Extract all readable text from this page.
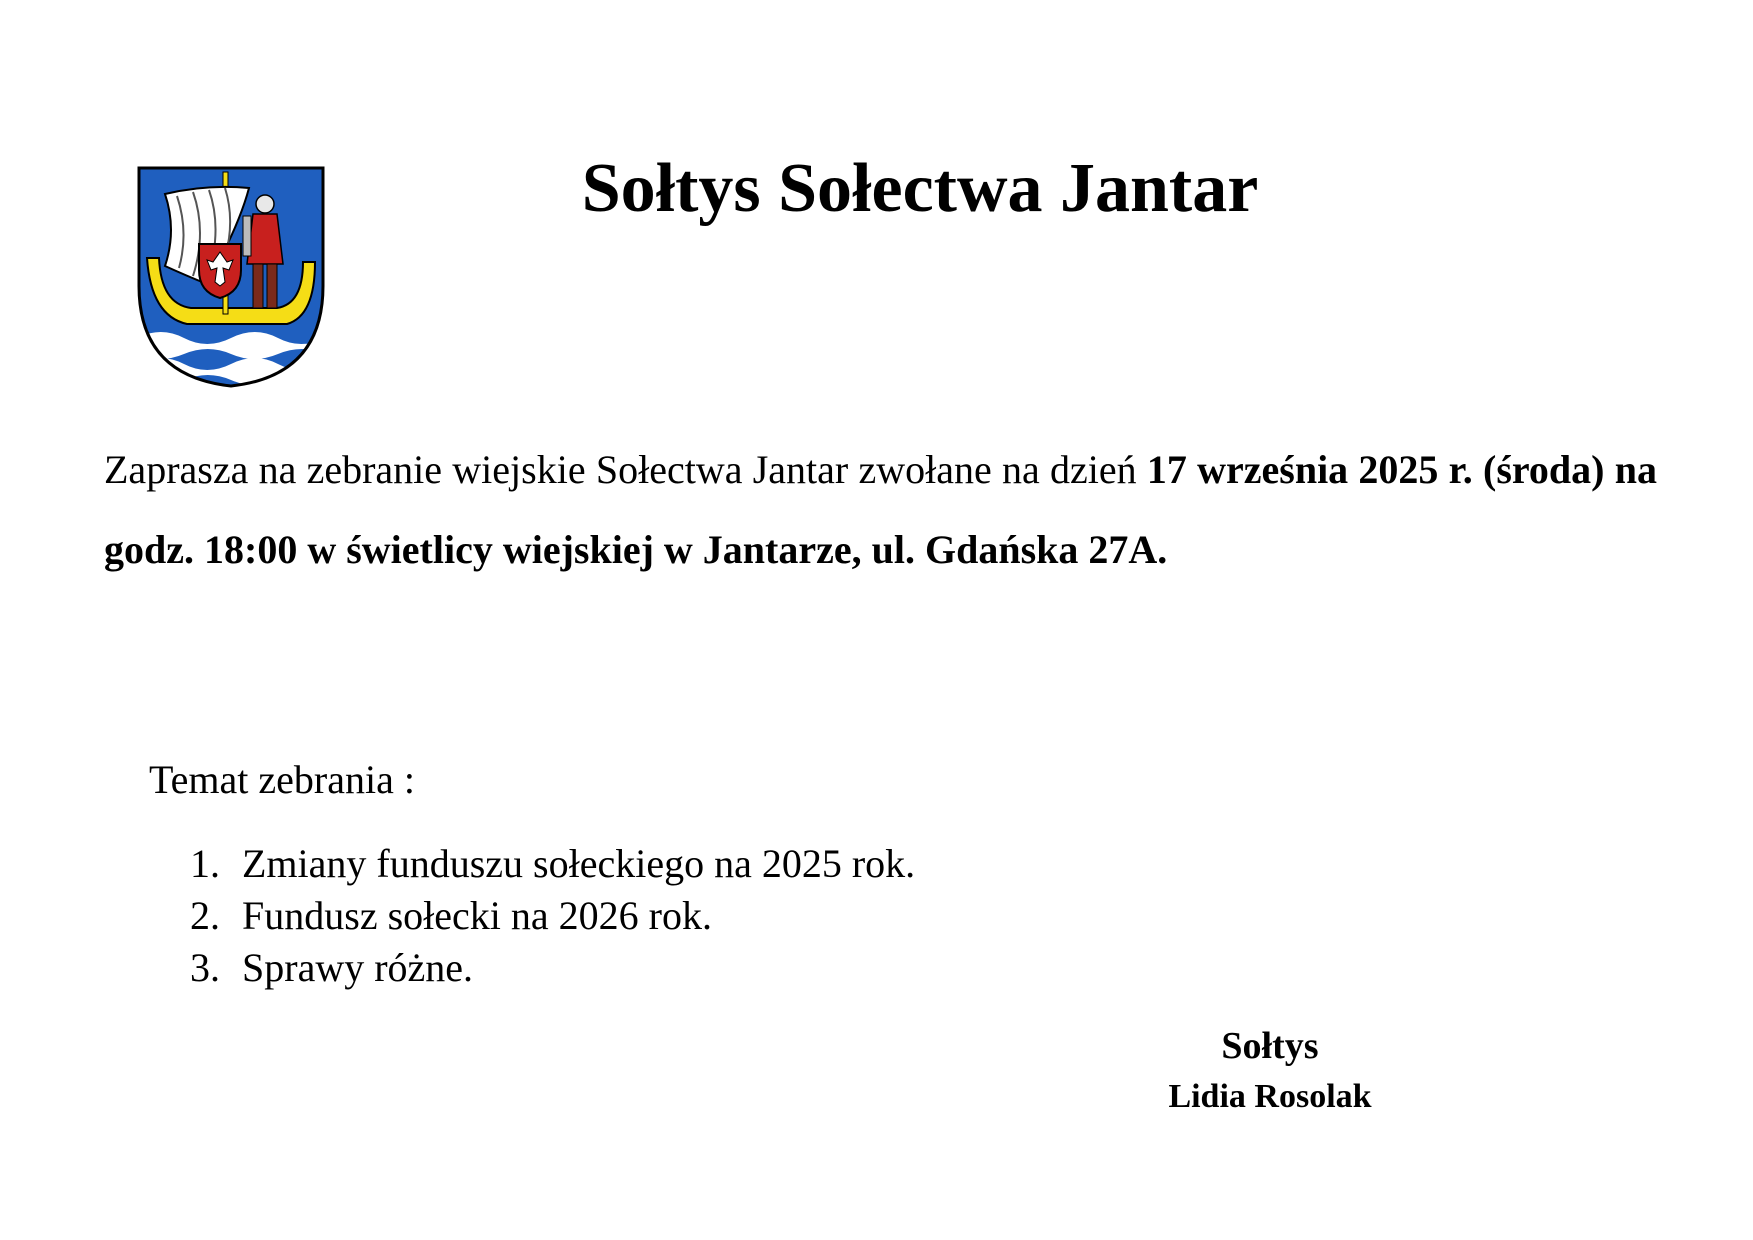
Sołtys Sołectwa Jantar

Zaprasza na zebranie wiejskie Sołectwa Jantar zwołane na dzień 17 września 2025 r. (środa) na godz. 18:00 w świetlicy wiejskiej w Jantarze, ul. Gdańska 27A.

Temat zebrania :

1. Zmiany funduszu sołeckiego na 2025 rok.
2. Fundusz sołecki na 2026 rok.
3. Sprawy różne.
Sołtys
Lidia Rosolak
